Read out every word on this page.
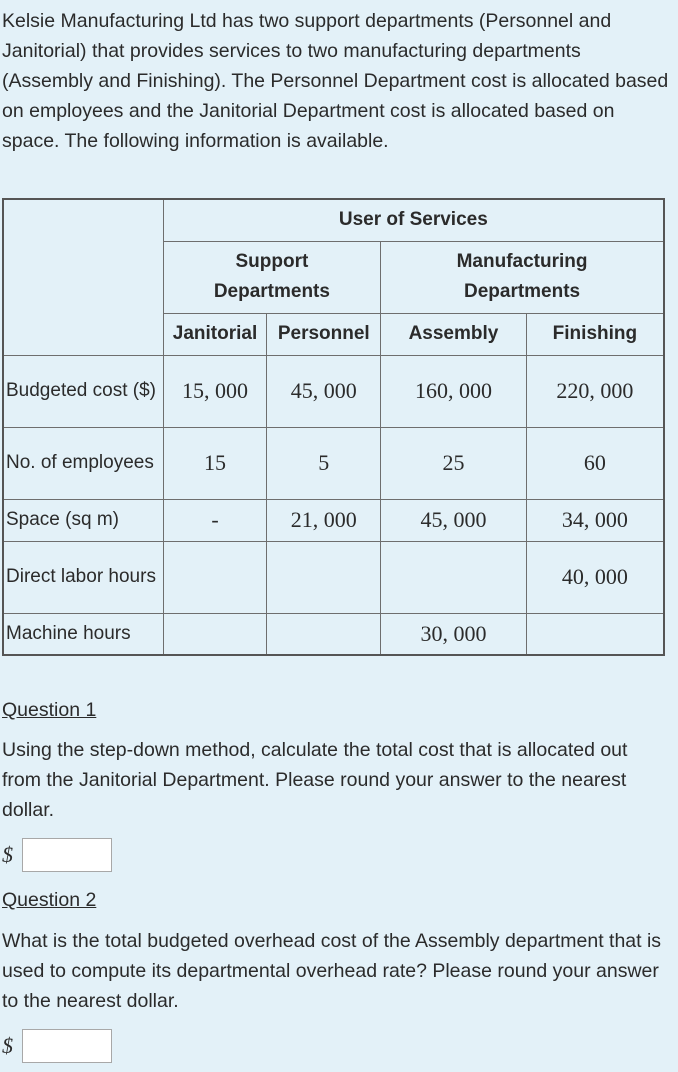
Kelsie Manufacturing Ltd has two support departments (Personnel and Janitorial) that provides services to two manufacturing departments (Assembly and Finishing). The Personnel Department cost is allocated based on employees and the Janitorial Department cost is allocated based on space. The following information is available.

	User of Services			
	Support Departments		Manufacturing Departments	
	Janitorial	Personnel	Assembly	Finishing
Budgeted cost ($)	15, 000	45, 000	160, 000	220, 000
No. of employees	15	5	25	60
Space (sq m)	-	21, 000	45, 000	34, 000
Direct labor hours				40, 000
Machine hours			30, 000	

Question 1

Using the step-down method, calculate the total cost that is allocated out from the Janitorial Department. Please round your answer to the nearest dollar.

$

Question 2

What is the total budgeted overhead cost of the Assembly department that is used to compute its departmental overhead rate? Please round your answer to the nearest dollar.

$
